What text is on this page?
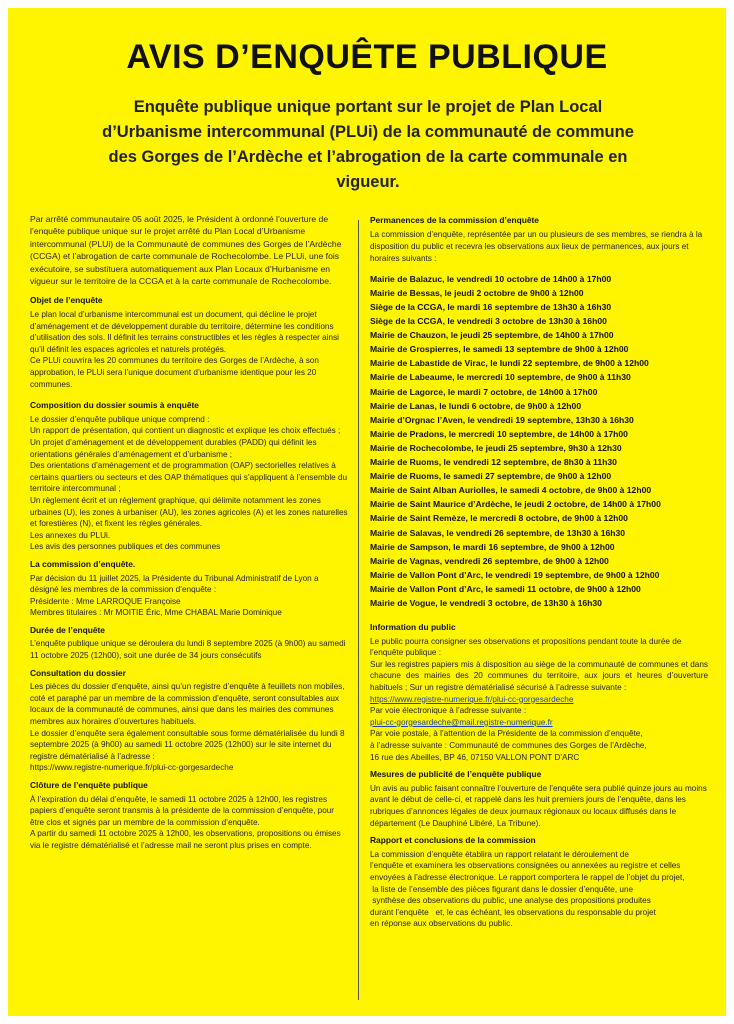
AVIS D’ENQUÊTE PUBLIQUE
Enquête publique unique portant sur le projet de Plan Local d’Urbanisme intercommunal (PLUi) de la communauté de commune des Gorges de l’Ardèche et l’abrogation de la carte communale en vigueur.

Par arrêté communautaire 05 août 2025, le Président à ordonné l’ouverture de l’enquête publique unique sur le projet arrêté du Plan Local d’Urbanisme intercommunal (PLUi) de la Communauté de communes des Gorges de l’Ardèche (CCGA) et l’abrogation de carte communale de Rochecolombe. Le PLUi, une fois exécutoire, se substituera automatiquement aux Plan Locaux d’Hurbanisme en vigueur sur le territoire de la CCGA et à la carte communale de Rochecolombe.

Objet de l’enquête

Le plan local d’urbanisme intercommunal est un document, qui décline le projet d’aménagement et de développement durable du territoire, détermine les conditions d’utilisation des sols. Il définit les terrains constructibles et les règles à respecter ainsi qu’il définit les espaces agricoles et naturels protégés.

Ce PLUi couvrira les 20 communes du territoire des Gorges de l’Ardèche, à son approbation, le PLUi sera l’unique document d’urbanisme identique pour les 20 communes.

Composition du dossier soumis à enquête
Le dossier d’enquête publique unique comprend :
Un rapport de présentation, qui contient un diagnostic et explique les choix effectués ;
Un projet d’aménagement et de développement durables (PADD) qui définit les orientations générales d’aménagement et d’urbanisme ;
Des orientations d’aménagement et de programmation (OAP) sectorielles relatives à certains quartiers ou secteurs et des OAP thématiques qui s’appliquent à l’ensemble du territoire intercommunal ;
Un règlement écrit et un règlement graphique, qui délimite notamment les zones urbaines (U), les zones à urbaniser (AU), les zones agricoles (A) et les zones naturelles et forestières (N), et fixent les règles générales.
Les annexes du PLUi.
Les avis des personnes publiques et des communes
La commission d’enquête.

Par décision du 11 juillet 2025, la Présidente du Tribunal Administratif de Lyon a désigné les membres de la commission d’enquête :

Présidente : Mme LARROQUE Françoise
Membres titulaires : Mr MOITIE Éric, Mme CHABAL Marie Dominique
Durée de l’enquête

L’enquête publique unique se déroulera du lundi 8 septembre 2025 (à 9h00) au samedi 11 octobre 2025 (12h00), soit une durée de 34 jours consécutifs

Consultation du dossier

Les pièces du dossier d’enquête, ainsi qu’un registre d’enquête à feuillets non mobiles, coté et paraphé par un membre de la commission d’enquête, seront consultables aux locaux de la communauté de communes, ainsi que dans les mairies des communes membres aux horaires d’ouvertures habituels.

Le dossier d’enquête sera également consultable sous forme dématérialisée du lundi 8 septembre 2025 (à 9h00) au samedi 11 octobre 2025 (12h00) sur le site internet du registre dématérialisé à l’adresse :

https://www.registre-numerique.fr/plui-cc-gorgesardeche
Clôture de l’enquête publique

À l’expiration du délai d’enquête, le samedi 11 octobre 2025 à 12h00, les registres papiers d’enquête seront transmis à la présidente de la commission d’enquête, pour être clos et signés par un membre de la commission d’enquête.

A partir du samedi 11 octobre 2025 à 12h00, les observations, propositions ou émises via le registre dématérialisé et l’adresse mail ne seront plus prises en compte.

Permanences de la commission d’enquête

La commission d’enquête, représentée par un ou plusieurs de ses membres, se riendra à la disposition du public et recevra les observations aux lieux de permanences, aux jours et horaires suivants :

Mairie de Balazuc, le vendredi 10 octobre de 14h00 à 17h00
Mairie de Bessas, le jeudi 2 octobre de 9h00 à 12h00
Siège de la CCGA, le mardi 16 septembre de 13h30 à 16h30
Siège de la CCGA, le vendredi 3 octobre de 13h30 à 16h00
Mairie de Chauzon, le jeudi 25 septembre, de 14h00 à 17h00
Mairie de Grospierres, le samedi 13 septembre de 9h00 à 12h00
Mairie de Labastide de Virac, le lundi 22 septembre, de 9h00 à 12h00
Mairie de Labeaume, le mercredi 10 septembre, de 9h00 à 11h30
Mairie de Lagorce, le mardi 7 octobre, de 14h00 à 17h00
Mairie de Lanas, le lundi 6 octobre, de 9h00 à 12h00
Mairie d’Orgnac l’Aven, le vendredi 19 septembre, 13h30 à 16h30
Mairie de Pradons, le mercredi 10 septembre, de 14h00 à 17h00
Mairie de Rochecolombe, le jeudi 25 septembre, 9h30 à 12h30
Mairie de Ruoms, le vendredi 12 septembre, de 8h30 à 11h30
Mairie de Ruoms, le samedi 27 septembre, de 9h00 à 12h00
Mairie de Saint Alban Auriolles, le samedi 4 octobre, de 9h00 à 12h00
Mairie de Saint Maurice d’Ardèche, le jeudi 2 octobre, de 14h00 à 17h00
Mairie de Saint Remèze, le mercredi 8 octobre, de 9h00 à 12h00
Mairie de Salavas, le vendredi 26 septembre, de 13h30 à 16h30
Mairie de Sampson, le mardi 16 septembre, de 9h00 à 12h00
Mairie de Vagnas, vendredi 26 septembre, de 9h00 à 12h00
Mairie de Vallon Pont d’Arc, le vendredi 19 septembre, de 9h00 à 12h00
Mairie de Vallon Pont d’Arc, le samedi 11 octobre, de 9h00 à 12h00
Mairie de Vogue, le vendredi 3 octobre, de 13h30 à 16h30
Information du public

Le public pourra consigner ses observations et propositions pendant toute la durée de l’enquête publique :

Sur les registres papiers mis à disposition au siège de la communauté de communes et dans chacune des mairies des 20 communes du territoire, aux jours et heures d’ouverture habituels ; Sur un registre dématérialisé sécurisé à l’adresse suivante :

https://www.registre-numerique.fr/plui-cc-gorgesardeche
Par voie électronique à l’adresse suivante :
plui-cc-gorgesardeche@mail.registre-numerique.fr
Par voie postale, à l’attention de la Présidente de la commission d’enquête,
à l’adresse suivante : Communauté de communes des Gorges de l’Ardèche,
16 rue des Abeilles, BP 46, 07150 VALLON PONT D’ARC
Mesures de publicité de l’enquête publique

Un avis au public faisant connaître l’ouverture de l’enquête sera publié quinze jours au moins avant le début de celle-ci, et rappelé dans les huit premiers jours de l’enquête, dans les rubriques d’annonces légales de deux journaux régionaux ou locaux diffusés dans le département (Le Dauphiné Libéré, La Tribune).

Rapport et conclusions de la commission
La commission d’enquête établira un rapport relatant le déroulement de
l’enquête et examinera les observations consignées ou annexées au registre et celles
envoyées à l’adresse électronique. Le rapport comportera le rappel de l’objet du projet,
la liste de l’ensemble des pièces figurant dans le dossier d’enquête, une
synthèse des observations du public, une analyse des propositions produites
durant l’enquête   et, le cas échéant, les observations du responsable du projet
en réponse aux observations du public.
